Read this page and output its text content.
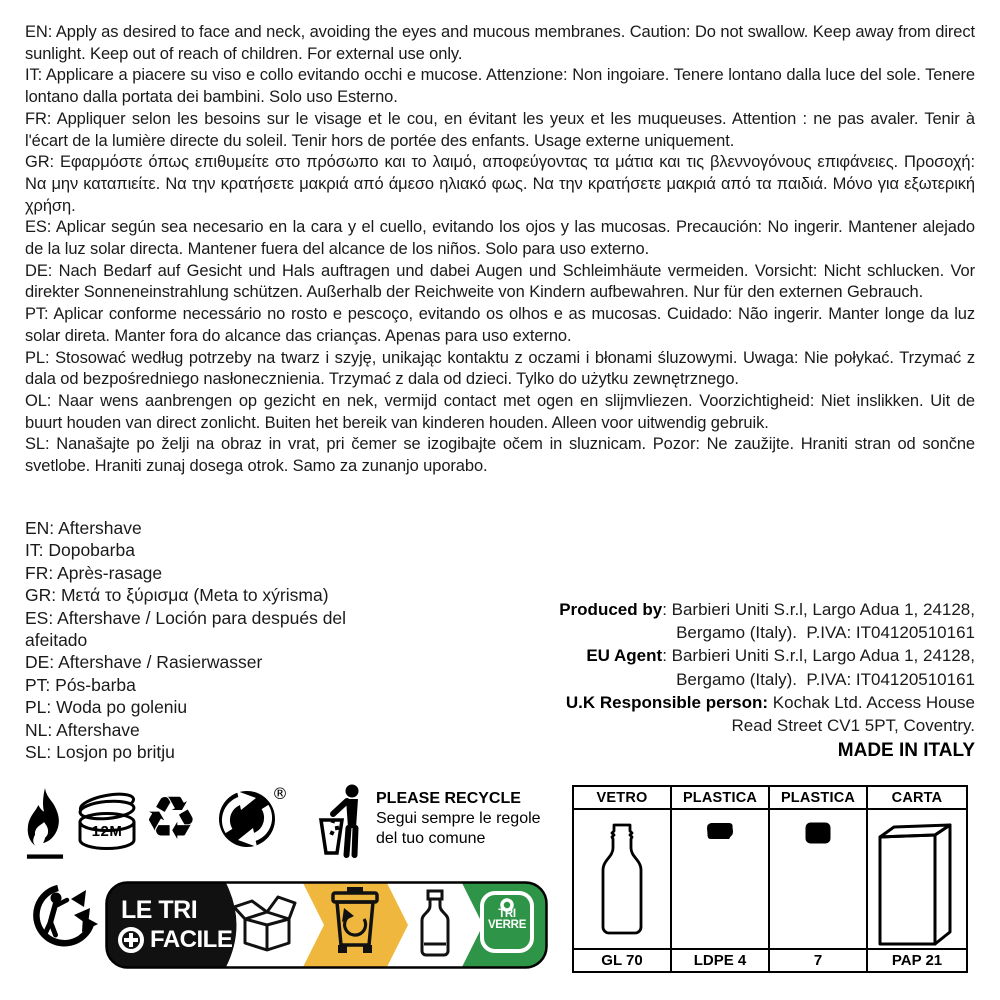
EN: Apply as desired to face and neck, avoiding the eyes and mucous membranes. Caution: Do not swallow. Keep away from direct sunlight. Keep out of reach of children. For external use only.

IT: Applicare a piacere su viso e collo evitando occhi e mucose. Attenzione: Non ingoiare. Tenere lontano dalla luce del sole. Tenere lontano dalla portata dei bambini. Solo uso Esterno.

FR: Appliquer selon les besoins sur le visage et le cou, en évitant les yeux et les muqueuses. Attention : ne pas avaler. Tenir à l'écart de la lumière directe du soleil. Tenir hors de portée des enfants. Usage externe uniquement.

GR: Εφαρμόστε όπως επιθυμείτε στο πρόσωπο και το λαιμό, αποφεύγοντας τα μάτια και τις βλεννογόνους επιφάνειες. Προσοχή: Να μην καταπιείτε. Να την κρατήσετε μακριά από άμεσο ηλιακό φως. Να την κρατήσετε μακριά από τα παιδιά. Μόνο για εξωτερική χρήση.

ES: Aplicar según sea necesario en la cara y el cuello, evitando los ojos y las mucosas. Precaución: No ingerir. Mantener alejado de la luz solar directa. Mantener fuera del alcance de los niños. Solo para uso externo.

DE: Nach Bedarf auf Gesicht und Hals auftragen und dabei Augen und Schleimhäute vermeiden. Vorsicht: Nicht schlucken. Vor direkter Sonneneinstrahlung schützen. Außerhalb der Reichweite von Kindern aufbewahren. Nur für den externen Gebrauch.

PT: Aplicar conforme necessário no rosto e pescoço, evitando os olhos e as mucosas. Cuidado: Não ingerir. Manter longe da luz solar direta. Manter fora do alcance das crianças. Apenas para uso externo.

PL: Stosować według potrzeby na twarz i szyję, unikając kontaktu z oczami i błonami śluzowymi. Uwaga: Nie połykać. Trzymać z dala od bezpośredniego nasłonecznienia. Trzymać z dala od dzieci. Tylko do użytku zewnętrznego.

OL: Naar wens aanbrengen op gezicht en nek, vermijd contact met ogen en slijmvliezen. Voorzichtigheid: Niet inslikken. Uit de buurt houden van direct zonlicht. Buiten het bereik van kinderen houden. Alleen voor uitwendig gebruik.

SL: Nanašajte po želji na obraz in vrat, pri čemer se izogibajte očem in sluznicam. Pozor: Ne zaužijte. Hraniti stran od sončne svetlobe. Hraniti zunaj dosega otrok. Samo za zunanjo uporabo.

EN: Aftershave
IT: Dopobarba
FR: Après-rasage
GR: Μετά το ξύρισμα (Meta to xýrisma)
ES: Aftershave / Loción para después del afeitado
DE: Aftershave / Rasierwasser
PT: Pós-barba
PL: Woda po goleniu
NL: Aftershave
SL: Losjon po britju
Produced by: Barbieri Uniti S.r.l, Largo Adua 1, 24128,
Bergamo (Italy).  P.IVA: IT04120510161
EU Agent: Barbieri Uniti S.r.l, Largo Adua 1, 24128,
Bergamo (Italy).  P.IVA: IT04120510161
U.K Responsible person: Kochak Ltd. Access House
Read Street CV1 5PT, Coventry.
MADE IN ITALY
12M ♻	®	PLEASE RECYCLE
Segui sempre le regole
del tuo comune
LE TRI
FACILE
TRI
VERRE
VETRO PLASTICA PLASTICA	CARTA
GL 70	LDPE 4	7	PAP 21
